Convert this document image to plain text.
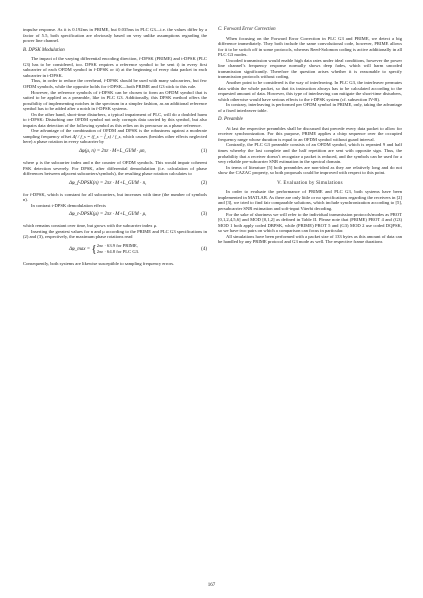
impulse response. As it is 0.192ms in PRIME, but 0.035ms in PLC G3—i.e. the values differ by a factor of 5.5, both specification are obviously based on very unlike assumptions regarding the power line channel.

B. DPSK Modulation

The impact of the varying differential encoding direction, f-DPSK (PRIME) and t-DPSK (PLC G3) has to be considered, too. DPSK requires a reference symbol to be sent i) in every first subcarrier of each OFDM symbol in f-DPSK or ii) at the beginning of every data packet in each subcarrier in t-DPSK.

Thus, in order to reduce the overhead, f-DPSK should be used with many subcarriers, but few OFDM symbols, while the opposite holds for t-DPSK—both PRIME and G3 stick to this rule.

However, the reference symbols of t-DPSK can be chosen to form an OFDM symbol that is suited to be applied as a preamble, like in PLC G3. Additionally, this DPSK method offers the possibility of implementing notches in the spectrum in a simpler fashion, as an additional reference symbol has to be added after a notch in f-DPSK systems.

On the other hand, short-time disturbers, a typical impairment of PLC, will do a doubled harm to t-DPSK: Disturbing one OFDM symbol not only corrupts data carried by this symbol, but also impairs data detection of the following symbol as this relies on its precursor as a phase reference.

One advantage of the combination of OFDM and DPSK is the robustness against a moderate sampling frequency offset Δf / f_s = (f_s − f̂_s) / f_s, which causes (besides other effects neglected here) a phase rotation in every subcarrier by

Δφ(μ, n) = 2πε · M+L_GI/M · μn,	(1)

where μ is the subcarrier index and n the counter of OFDM symbols. This would impair coherent PSK detection severely. For DPSK, after differential demodulation (i.e. calculation of phase differences between adjacent subcarriers/symbols), the resulting phase rotation calculates to

Δφ_f-DPSK(n) = 2πε · M+L_GI/M · n,	(2)

for f-DPSK, which is constant for all subcarriers, but increases with time (the number of symbols n).

In contrast t-DPSK demodulation effects

Δφ_t-DPSK(μ) = 2πε · M+L_GI/M · μ,	(3)

which remains constant over time, but grows with the subcarrier index μ.

Inserting the greatest values for n and μ according to the PRIME and PLC G3 specifications in (2) and (3), respectively, the maximum phase rotations read

Δφ_max = { 2πε · 63.9 for PRIME,
2πε · 64.8 for PLC G3.	(4)

Consequently, both systems are likewise susceptible to sampling frequency errors.

C. Forward Error Correction

When focusing on the Forward Error Correction in PLC G3 and PRIME, we detect a big difference immediately. They both include the same convolutional code, however, PRIME allows for it to be switch off in some protocols, whereas Reed-Solomon coding is active additionally in all PLC G3 modes.

Uncoded transmission would enable high data rates under ideal conditions, however the power line channel’s frequency response normally shows deep fades, which will harm uncoded transmission significantly. Therefore the question arises whether it is reasonable to specify transmission protocols without coding.

Another point to be considered is the way of interleaving. In PLC G3, the interleaver permutes data within the whole packet, so that its instruction always has to be calculated according to the requested amount of data. However, this type of interleaving can mitigate the short-time disturbers, which otherwise would have serious effects to the t-DPSK system (cf. subsection IV-B).

In contrary, interleaving is performed per OFDM symbol in PRIME, only, taking the advantage of a fixed interleaver table.

D. Preamble

At last the respective preambles shall be discussed that precede every data packet to allow for receiver synchronization. For this purpose, PRIME applies a chirp sequence over the occupied frequency range whose duration is equal to an OFDM symbol without guard interval.

Contrarily, the PLC G3 preamble consists of an OFDM symbol, which is repeated 9 and half times whereby the last complete and the half repetition are sent with opposite sign. Thus, the probability that a receiver doesn’t recognize a packet is reduced, and the symbols can be used for a very reliable pre-subcarrier SNR estimation in the spectral domain.

In terms of literature [5] both preambles are non-ideal as they are relatively long and do not show the CAZAC property, so both proposals could be improved with respect to this point.

V. Evaluation by Simulations

In order to evaluate the performance of PRIME and PLC G3, both systems have been implemented in MATLAB. As there are only little or no specifications regarding the receivers in [2] and [3], we tried to find fair comparable solutions, which include synchronization according to [5], persubcarrier SNR estimation and soft-input Viterbi decoding.

For the sake of shortness we will refer to the individual transmission protocols/modes as PROT [0,1,2,4,5,6] and MOD [0,1,2] as defined in Table II. Please note that (PRIME) PROT 4 and (G3) MOD 1 both apply coded DBPSK, while (PRIME) PROT 5 and (G3) MOD 2 use coded DQPSK, so we have two pairs on which a comparison can focus in particular.

All simulations have been performed with a packet size of 133 bytes as this amount of data can be handled by any PRIME protocol and G3 mode as well. The respective frame durations

167
